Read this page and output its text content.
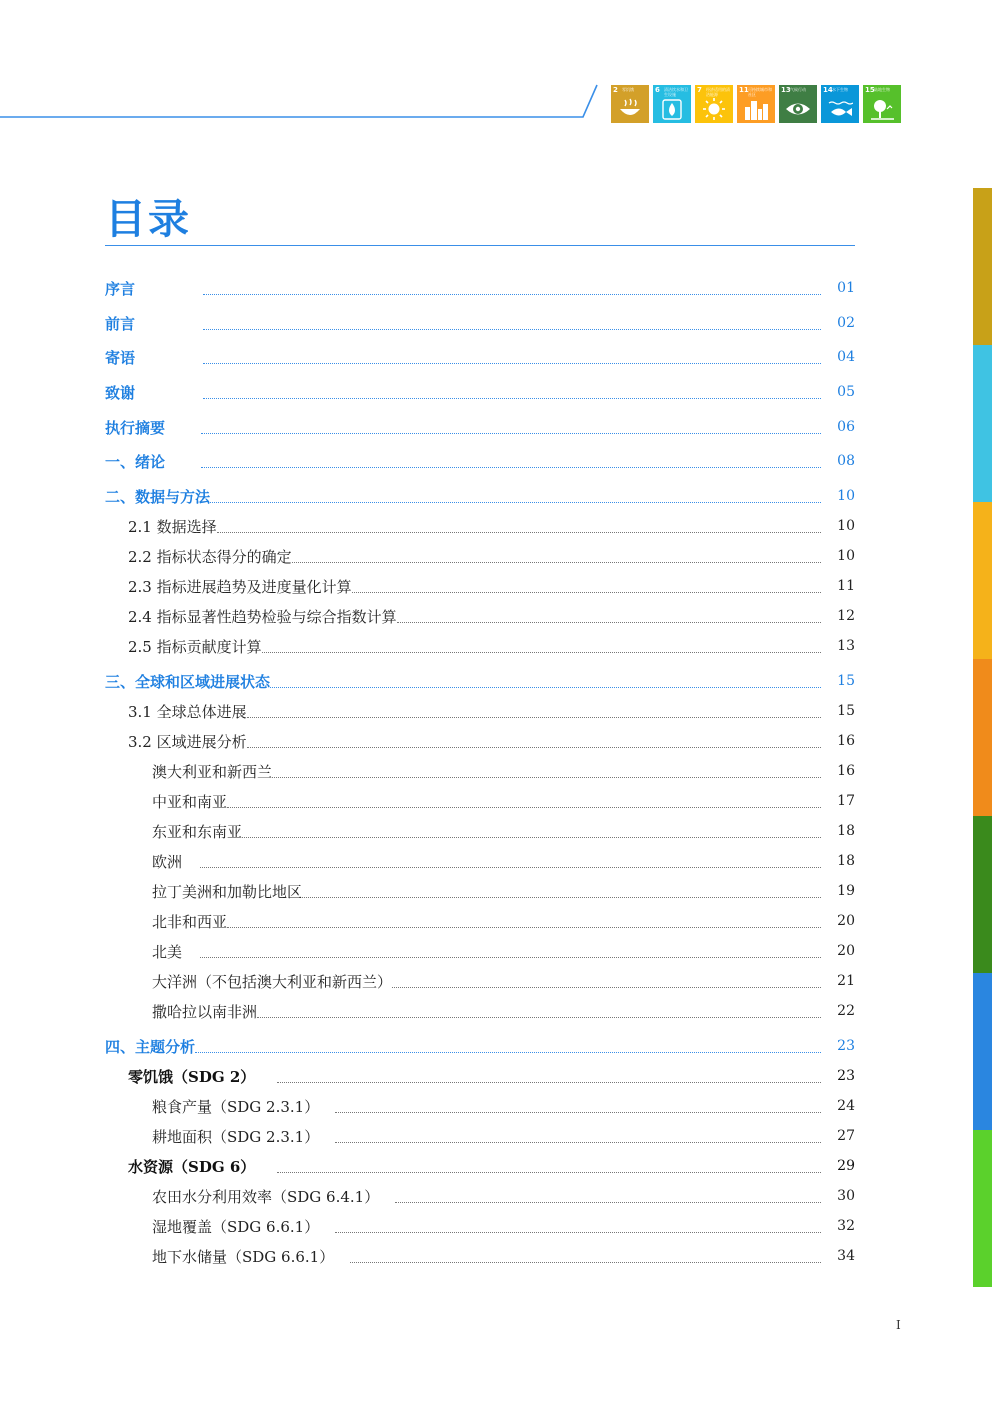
2 零饥饿	6 清洁饮水和卫生设施
7 经济适用的清洁能源
11 可持续城市和社区
13 气候行动	14 水下生物	15 陆地生物
目录
序言	01
前言	02
寄语	04
致谢	05
执行摘要	06
一、绪论	08
二、数据与方法	10
2.1 数据选择	10
2.2 指标状态得分的确定	10
2.3 指标进展趋势及进度量化计算	11
2.4 指标显著性趋势检验与综合指数计算	12
2.5 指标贡献度计算	13
三、全球和区域进展状态	15
3.1 全球总体进展	15
3.2 区域进展分析	16
澳大利亚和新西兰	16
中亚和南亚	17
东亚和东南亚	18
欧洲	18
拉丁美洲和加勒比地区	19
北非和西亚	20
北美	20
大洋洲（不包括澳大利亚和新西兰）	21
撒哈拉以南非洲	22
四、主题分析	23
零饥饿（SDG 2）	23
粮食产量（SDG 2.3.1）	24
耕地面积（SDG 2.3.1）	27
水资源（SDG 6）	29
农田水分利用效率（SDG 6.4.1）	30
湿地覆盖（SDG 6.6.1）	32
地下水储量（SDG 6.6.1）	34
I
